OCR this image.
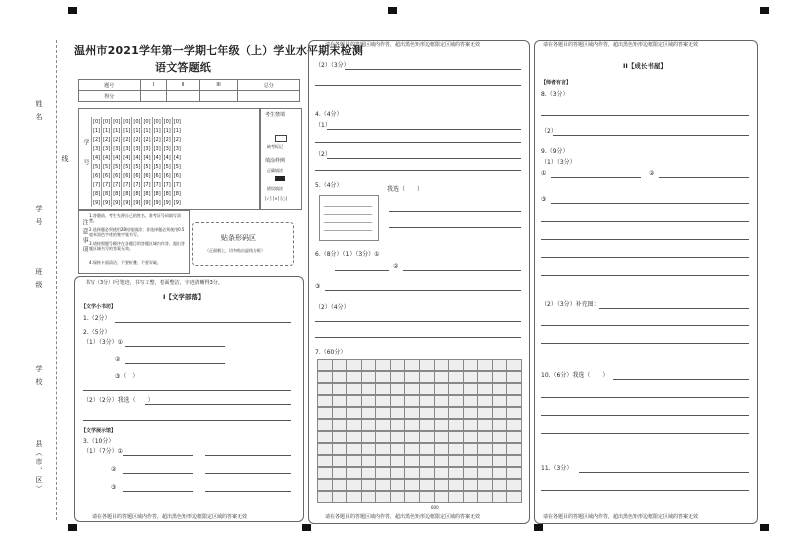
姓名
线
学号
班级
学校
县（市、区）
温州市2021学年第一学期七年级（上）学业水平期末检测
语文答题纸
题号	I	II	III	总分
得分				
学号
[0]	[0]	[0]	[0]	[0]	[0]	[0]	[0]	[0]
[1]	[1]	[1]	[1]	[1]	[1]	[1]	[1]	[1]
[2]	[2]	[2]	[2]	[2]	[2]	[2]	[2]	[2]
[3]	[3]	[3]	[3]	[3]	[3]	[3]	[3]	[3]
[4]	[4]	[4]	[4]	[4]	[4]	[4]	[4]	[4]
[5]	[5]	[5]	[5]	[5]	[5]	[5]	[5]	[5]
[6]	[6]	[6]	[6]	[6]	[6]	[6]	[6]	[6]
[7]	[7]	[7]	[7]	[7]	[7]	[7]	[7]	[7]
[8]	[8]	[8]	[8]	[8]	[8]	[8]	[8]	[8]
[9]	[9]	[9]	[9]	[9]	[9]	[9]	[9]	[9]
考生禁填
缺考标记
填涂样例
正确填涂
错误填涂
[✓] [×] [○]
注意事项
1.答题前，考生先将自己的姓名、准考证号码填写清楚。
2.选择题必须使用2B铅笔填涂；非选择题必须使用0.5毫米黑色字迹的签字笔书写。
3.请按照题号顺序在各题目的答题区域内作答，超出答题区域书写的答案无效。
4.保持卡面清洁，不要折叠、不要弄破。
贴条形码区
（正面朝上，切勿贴出虚线方框）
书写（3分）I号笔迹，书写工整，卷面整洁，字迹清晰得3分。
I【文学部落】
【文学小书坊】
1.（2分）
2.（5分）
（1）（3分）①
②
③（　）
（2）（2分）我选（　　）
【文学展示馆】
3.（10分）
（1）（7分）①
②
③
请在各题目的答题区域内作答，超出黑色矩形边框限定区域的答案无效
请在各题目的答题区域内作答，超出黑色矩形边框限定区域的答案无效
（2）（3分）
4.（4分）
（1）
（2）
5.（4分）
我选（　　）
6.（8分）（1）（3分）①
②
③
（2）（4分）
7.（60分）
600
请在各题目的答题区域内作答，超出黑色矩形边框限定区域的答案无效
请在各题目的答题区域内作答，超出黑色矩形边框限定区域的答案无效
II【成长书屋】
【师者有言】
8.（3分）
（2）
9.（9分）
（1）（3分）
①	②
③
（2）（3分）补充图：
10.（6分）我选（　　）
11.（3分）
请在各题目的答题区域内作答，超出黑色矩形边框限定区域的答案无效
